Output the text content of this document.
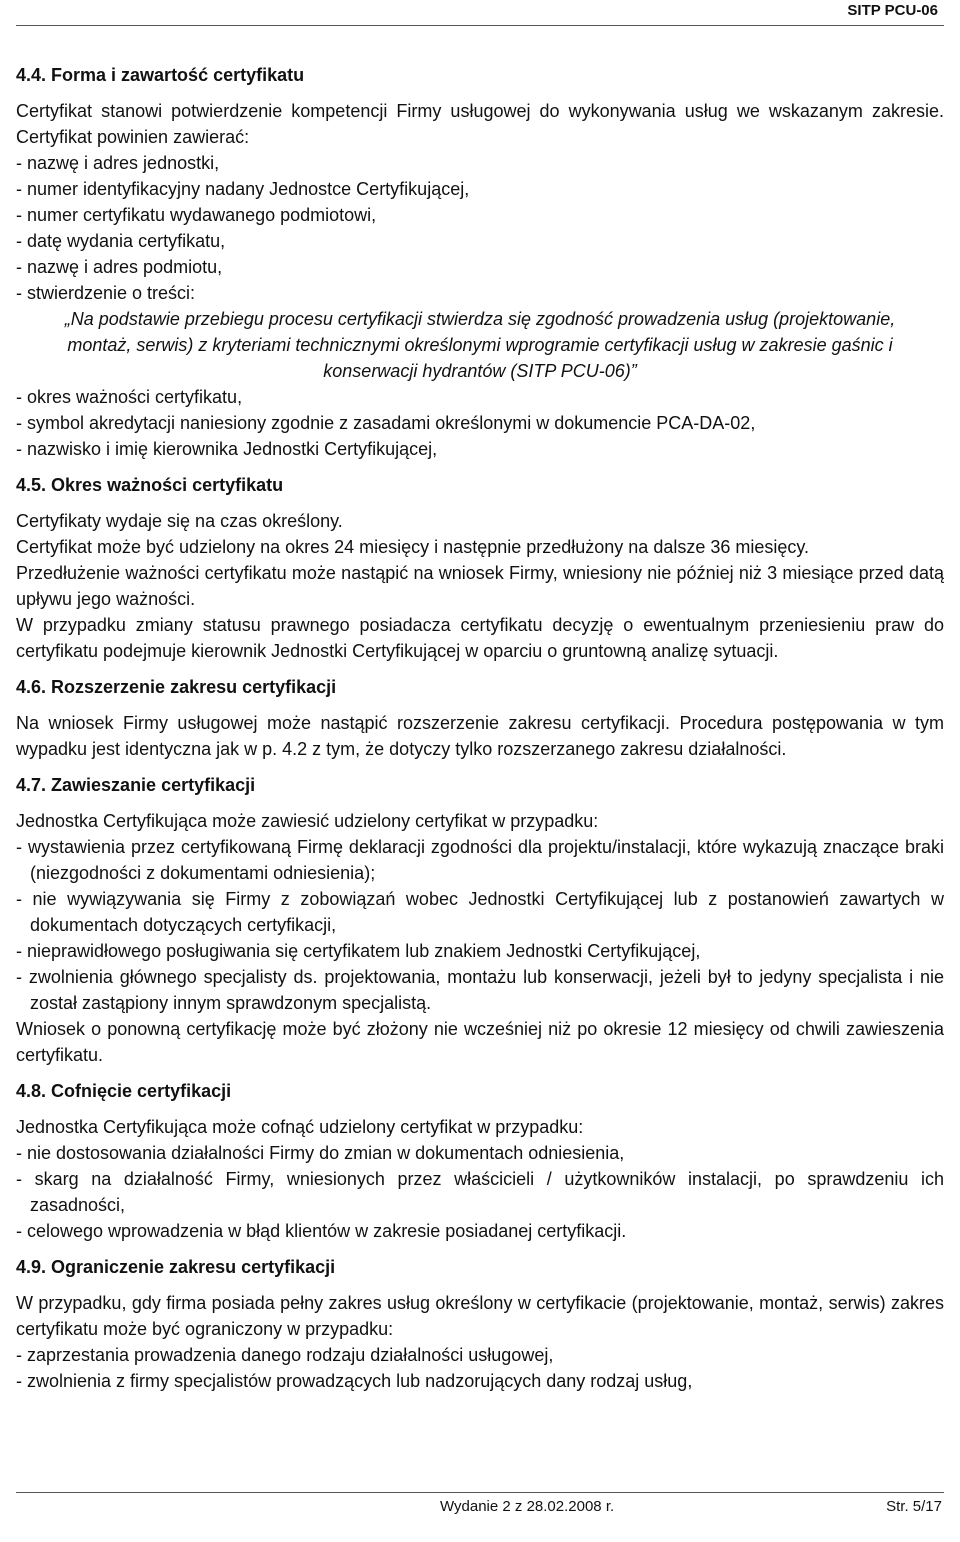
SITP PCU-06

4.4. Forma i zawartość certyfikatu

Certyfikat stanowi potwierdzenie kompetencji Firmy usługowej do wykonywania usług we wskazanym zakresie. Certyfikat powinien zawierać:

- nazwę i adres jednostki,

- numer identyfikacyjny nadany Jednostce Certyfikującej,

- numer certyfikatu wydawanego podmiotowi,

- datę wydania certyfikatu,

- nazwę i adres podmiotu,

- stwierdzenie o treści:

„Na podstawie przebiegu procesu certyfikacji stwierdza się zgodność prowadzenia usług (projektowanie, montaż, serwis) z kryteriami technicznymi określonymi wprogramie certyfikacji usług w zakresie gaśnic i konserwacji hydrantów (SITP PCU-06)”

- okres ważności certyfikatu,

- symbol akredytacji naniesiony zgodnie z zasadami określonymi w dokumencie PCA-DA-02,

- nazwisko i imię kierownika Jednostki Certyfikującej,

4.5. Okres ważności certyfikatu

Certyfikaty wydaje się na czas określony.

Certyfikat może być udzielony na okres 24 miesięcy i następnie przedłużony na dalsze 36 miesięcy.

Przedłużenie ważności certyfikatu może nastąpić na wniosek Firmy, wniesiony nie później niż 3 miesiące przed datą upływu jego ważności.

W przypadku zmiany statusu prawnego posiadacza certyfikatu decyzję o ewentualnym przeniesieniu praw do certyfikatu podejmuje kierownik Jednostki Certyfikującej w oparciu o gruntowną analizę sytuacji.

4.6. Rozszerzenie zakresu certyfikacji

Na wniosek Firmy usługowej może nastąpić rozszerzenie zakresu certyfikacji. Procedura postępowania w tym wypadku jest identyczna jak w p. 4.2 z tym, że dotyczy tylko rozszerzanego zakresu działalności.

4.7. Zawieszanie certyfikacji

Jednostka Certyfikująca może zawiesić udzielony certyfikat w przypadku:

- wystawienia przez certyfikowaną Firmę deklaracji zgodności dla projektu/instalacji, które wykazują znaczące braki (niezgodności z dokumentami odniesienia);

- nie wywiązywania się Firmy z zobowiązań wobec Jednostki Certyfikującej lub z postanowień zawartych w dokumentach dotyczących certyfikacji,

- nieprawidłowego posługiwania się certyfikatem lub znakiem Jednostki Certyfikującej,

- zwolnienia głównego specjalisty ds. projektowania, montażu lub konserwacji, jeżeli był to jedyny specjalista i nie został zastąpiony innym sprawdzonym specjalistą.

Wniosek o ponowną certyfikację może być złożony nie wcześniej niż po okresie 12 miesięcy od chwili zawieszenia certyfikatu.

4.8. Cofnięcie certyfikacji

Jednostka Certyfikująca może cofnąć udzielony certyfikat w przypadku:

- nie dostosowania działalności Firmy do zmian w dokumentach odniesienia,

- skarg na działalność Firmy, wniesionych przez właścicieli / użytkowników instalacji, po sprawdzeniu ich zasadności,

- celowego wprowadzenia w błąd klientów w zakresie posiadanej certyfikacji.

4.9. Ograniczenie zakresu certyfikacji

W przypadku, gdy firma posiada pełny zakres usług określony w certyfikacie (projektowanie, montaż, serwis) zakres certyfikatu może być ograniczony w przypadku:

- zaprzestania prowadzenia danego rodzaju działalności usługowej,

- zwolnienia z firmy specjalistów prowadzących lub nadzorujących dany rodzaj usług,

Wydanie 2 z 28.02.2008 r.	Str. 5/17
